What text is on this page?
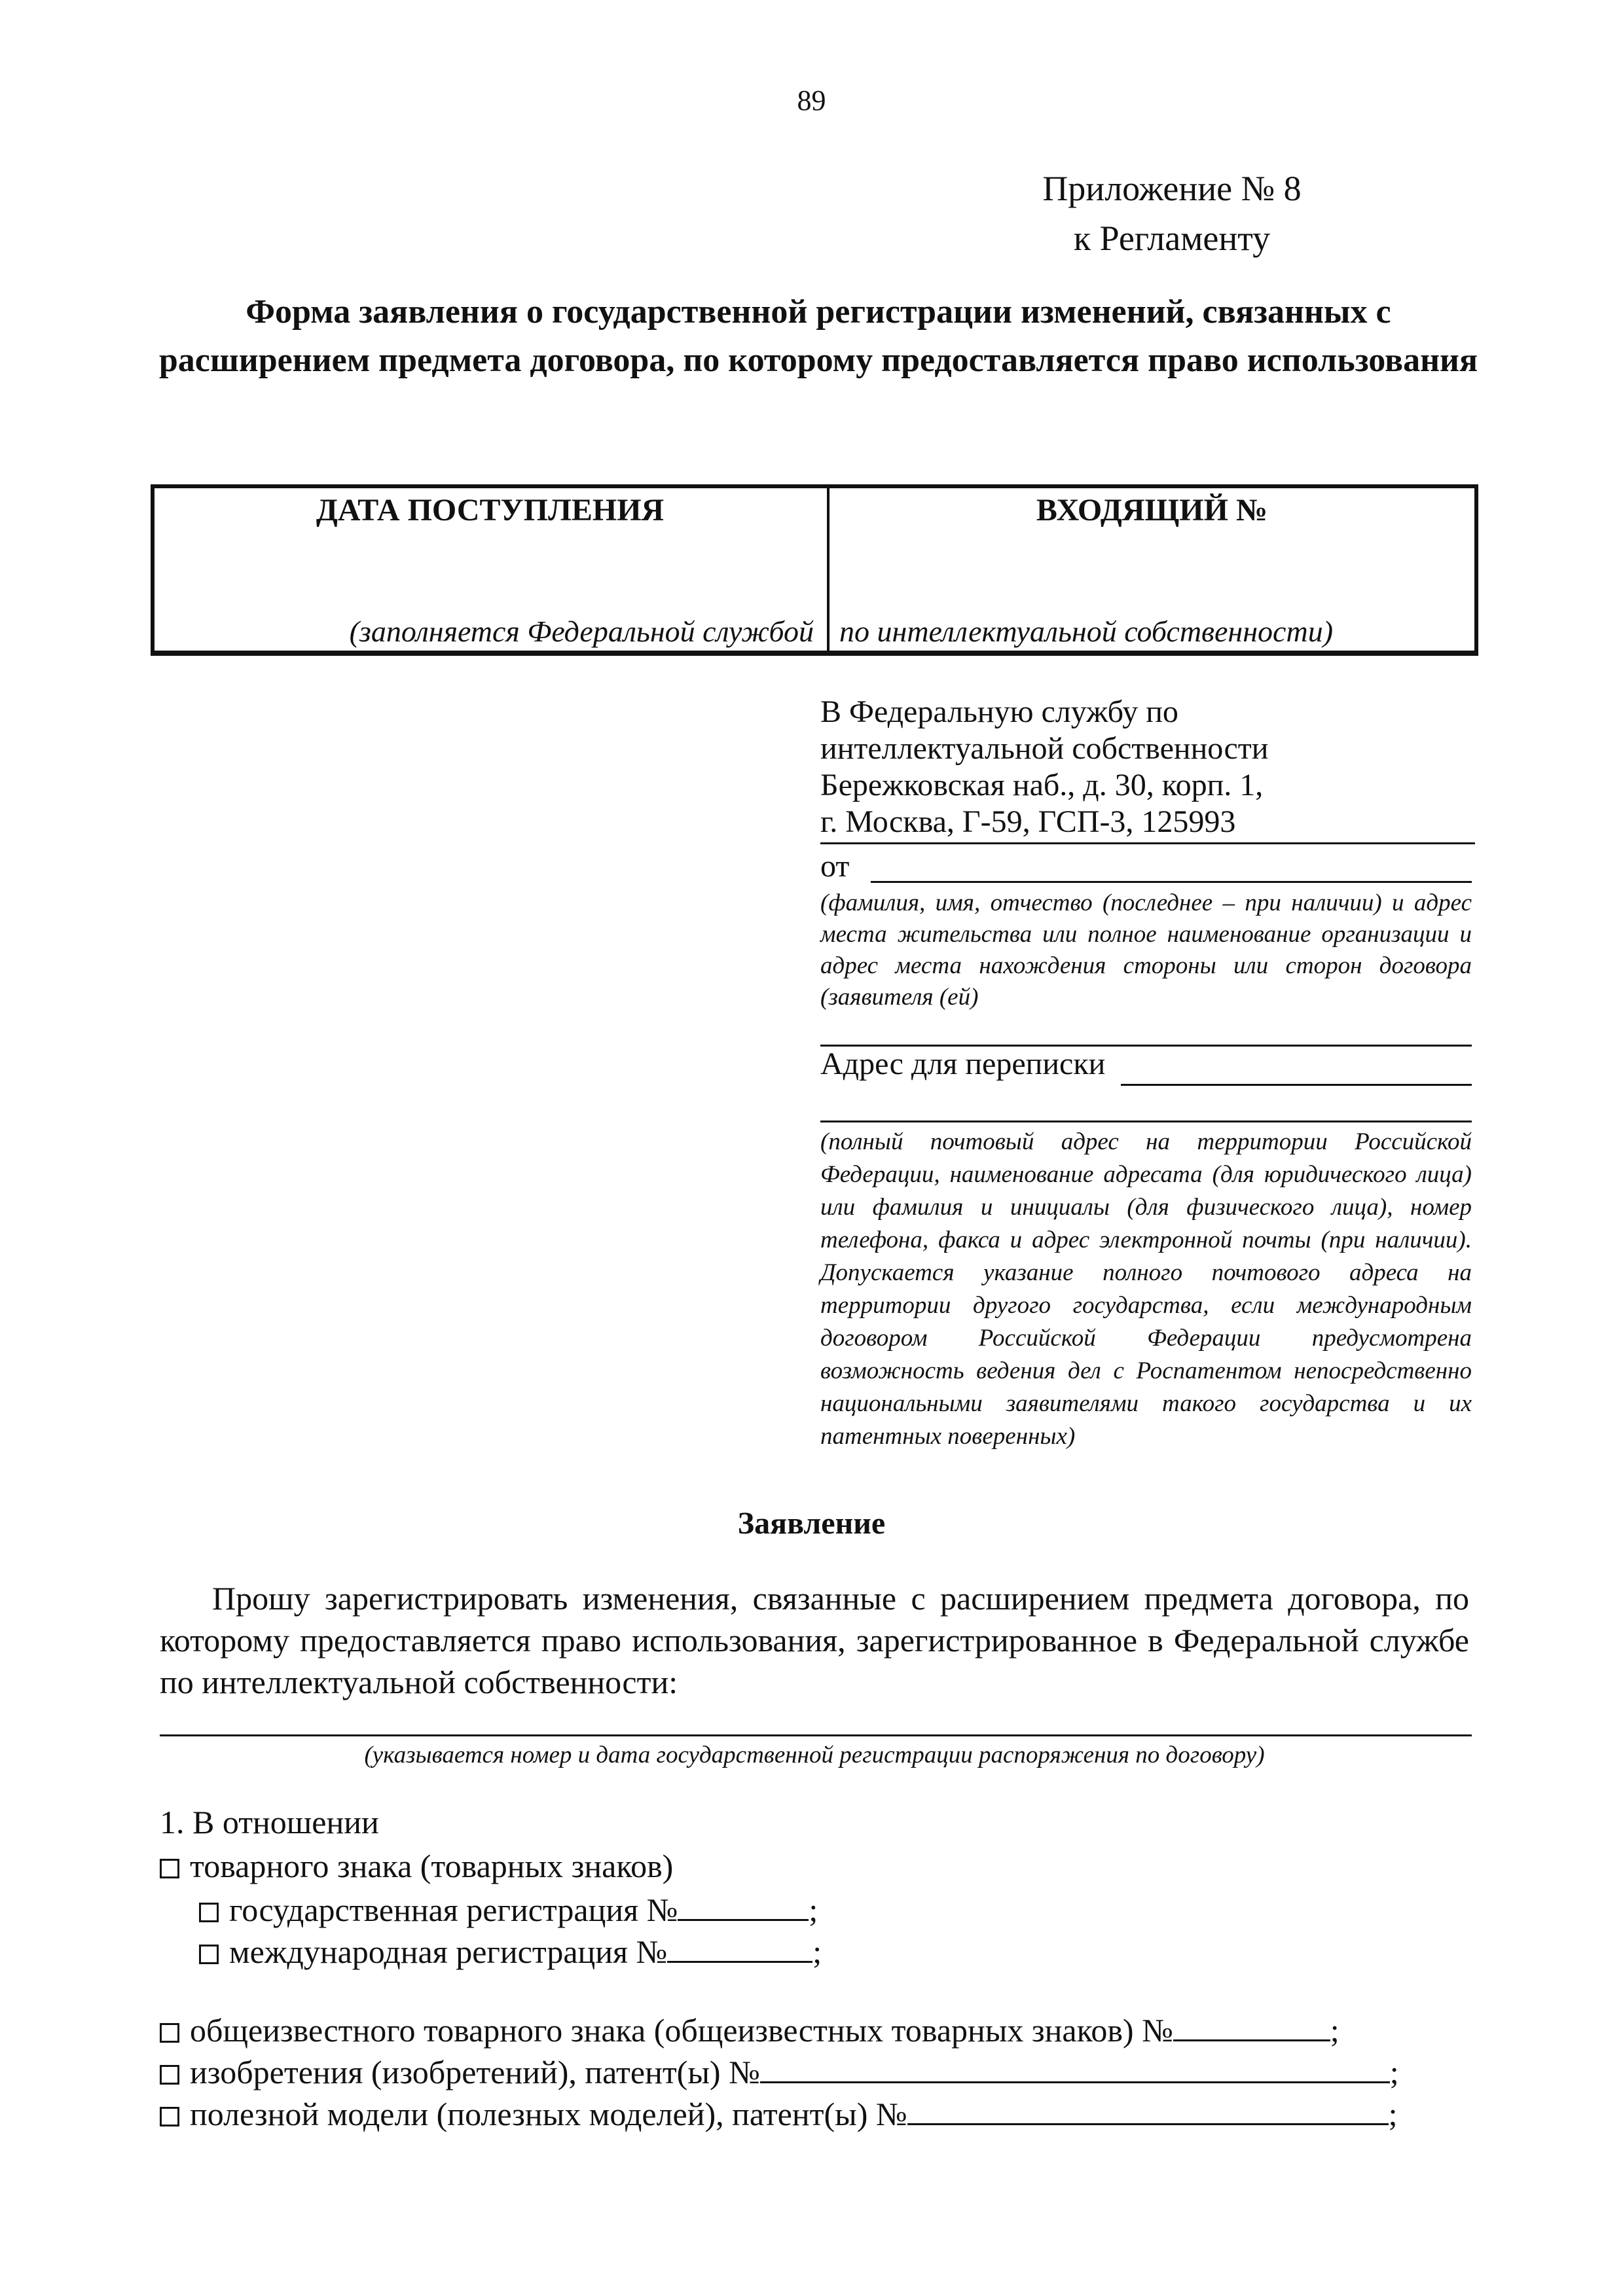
89
Приложение № 8
к Регламенту
Форма заявления о государственной регистрации изменений, связанных с расширением предмета договора, по которому предоставляется право использования
ДАТА ПОСТУПЛЕНИЯ	ВХОДЯЩИЙ №
(заполняется Федеральной службой по интеллектуальной собственности)
В Федеральную службу по
интеллектуальной собственности
Бережковская наб., д. 30, корп. 1,
г. Москва, Г-59, ГСП-3, 125993
от
(фамилия, имя, отчество (последнее – при наличии) и адрес места жительства или полное наименование организации и адрес места нахождения стороны или сторон договора (заявителя (ей)
Адрес для переписки
(полный почтовый адрес на территории Российской Федерации, наименование адресата (для юридического лица) или фамилия и инициалы (для физического лица), номер телефона, факса и адрес электронной почты (при наличии). Допускается указание полного почтового адреса на территории другого государства, если международным договором Российской Федерации предусмотрена возможность ведения дел с Роспатентом непосредственно национальными заявителями такого государства и их патентных поверенных)
Заявление
Прошу зарегистрировать изменения, связанные с расширением предмета договора, по которому предоставляется право использования, зарегистрированное в Федеральной службе по интеллектуальной собственности:
(указывается номер и дата государственной регистрации распоряжения по договору)
1. В отношении
товарного знака (товарных знаков)
государственная регистрация №	;
международная регистрация №	;
общеизвестного товарного знака (общеизвестных товарных знаков) №	;
изобретения (изобретений), патент(ы) №	;
полезной модели (полезных моделей), патент(ы) №	;
